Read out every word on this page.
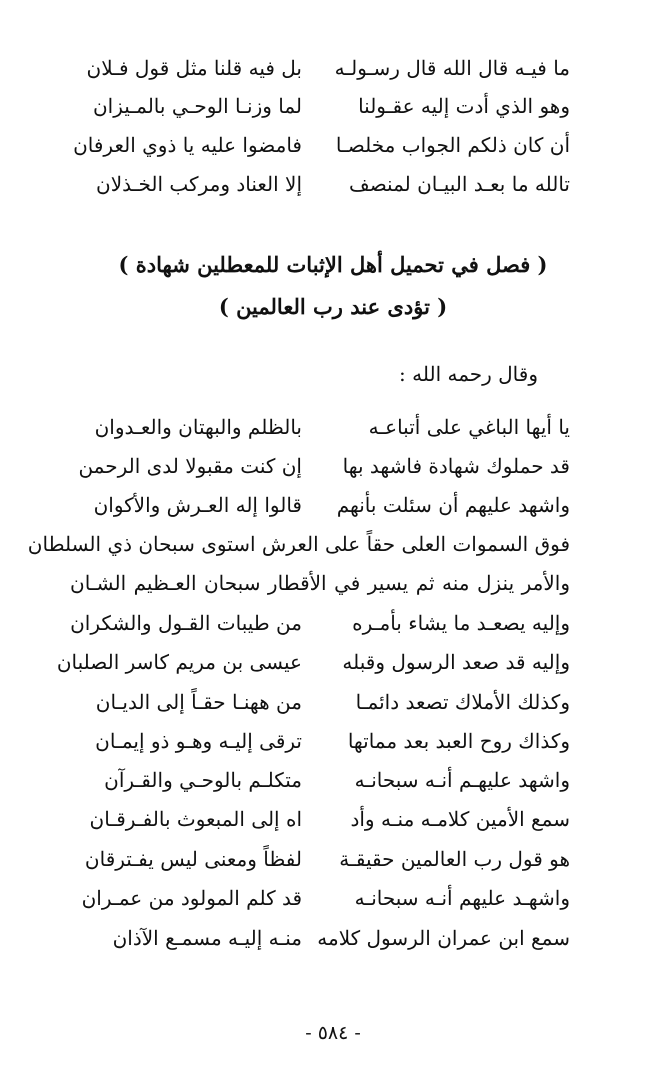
ما فيـه قال الله قال رسـولـه
بل فيه قلنا مثل قول فـلان
وهو الذي أدت إليه عقـولنا
لما وزنـا الوحـي بالمـيزان
أن كان ذلكم الجواب مخلصـا
فامضوا عليه يا ذوي العرفان
تالله ما بعـد البيـان لمنصف
إلا العناد ومركب الخـذلان
( فصل في تحميل أهل الإثبات للمعطلين شهادة )
( تؤدى عند رب العالمين )
وقال رحمه الله :
يا أيها الباغي على أتباعـه
بالظلم والبهتان والعـدوان
قد حملوك شهادة فاشهد بها
إن كنت مقبولا لدى الرحمن
واشهد عليهم أن سئلت بأنهم
قالوا إله العـرش والأكوان
فوق السموات العلى حقاً على العرش استوى سبحان ذي السلطان
والأمر ينزل منه ثم يسير في الأقطار سبحان العـظيم الشـان
وإليه يصعـد ما يشاء بأمـره
من طيبات القـول والشكران
وإليه قد صعد الرسول وقبله
عيسى بن مريم كاسر الصلبان
وكذلك الأملاك تصعد دائمـا
من ههنـا حقـاً إلى الديـان
وكذاك روح العبد بعد مماتها
ترقى إليـه وهـو ذو إيمـان
واشهد عليهـم أنـه سبحانـه
متكلـم بالوحـي والقـرآن
سمع الأمين كلامـه منـه وأد
اه إلى المبعوث بالفـرقـان
هو قول رب العالمين حقيقـة
لفظاً ومعنى ليس يفـترقان
واشهـد عليهم أنـه سبحانـه
قد كلم المولود من عمـران
سمع ابن عمران الرسول كلامه
منـه إليـه مسمـع الآذان
- ٥٨٤ -
